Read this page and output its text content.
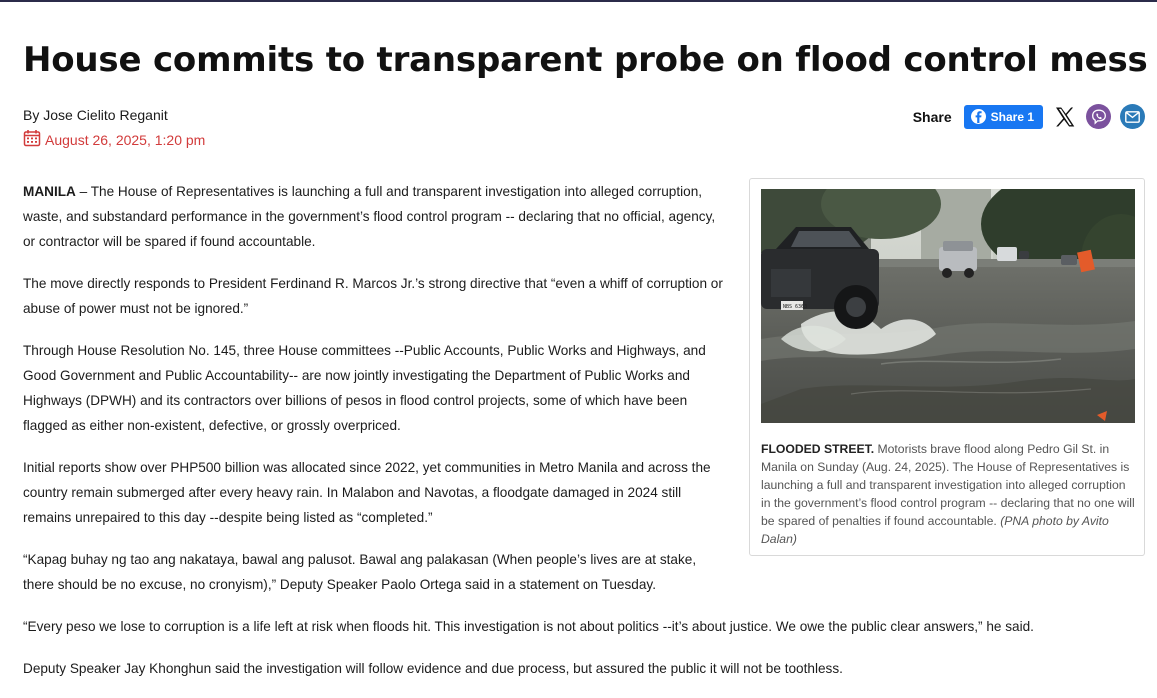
House commits to transparent probe on flood control mess
By Jose Cielito Reganit
August 26, 2025, 1:20 pm
Share	Share 1

MANILA – The House of Representatives is launching a full and transparent investigation into alleged corruption, waste, and substandard performance in the government’s flood control program -- declaring that no official, agency, or contractor will be spared if found accountable.

The move directly responds to President Ferdinand R. Marcos Jr.’s strong directive that “even a whiff of corruption or abuse of power must not be ignored.”

Through House Resolution No. 145, three House committees --Public Accounts, Public Works and Highways, and Good Government and Public Accountability-- are now jointly investigating the Department of Public Works and Highways (DPWH) and its contractors over billions of pesos in flood control projects, some of which have been flagged as either non-existent, defective, or grossly overpriced.

Initial reports show over PHP500 billion was allocated since 2022, yet communities in Metro Manila and across the country remain submerged after every heavy rain. In Malabon and Navotas, a floodgate damaged in 2024 still remains unrepaired to this day --despite being listed as “completed.”

“Kapag buhay ng tao ang nakataya, bawal ang palusot. Bawal ang palakasan (When people’s lives are at stake, there should be no excuse, no cronyism),” Deputy Speaker Paolo Ortega said in a statement on Tuesday.

“Every peso we lose to corruption is a life left at risk when floods hit. This investigation is not about politics --it’s about justice. We owe the public clear answers,” he said.

Deputy Speaker Jay Khonghun said the investigation will follow evidence and due process, but assured the public it will not be toothless.

NBS 6363
FLOODED STREET. Motorists brave flood along Pedro Gil St. in Manila on Sunday (Aug. 24, 2025). The House of Representatives is launching a full and transparent investigation into alleged corruption in the government’s flood control program -- declaring that no one will be spared of penalties if found accountable. (PNA photo by Avito Dalan)
